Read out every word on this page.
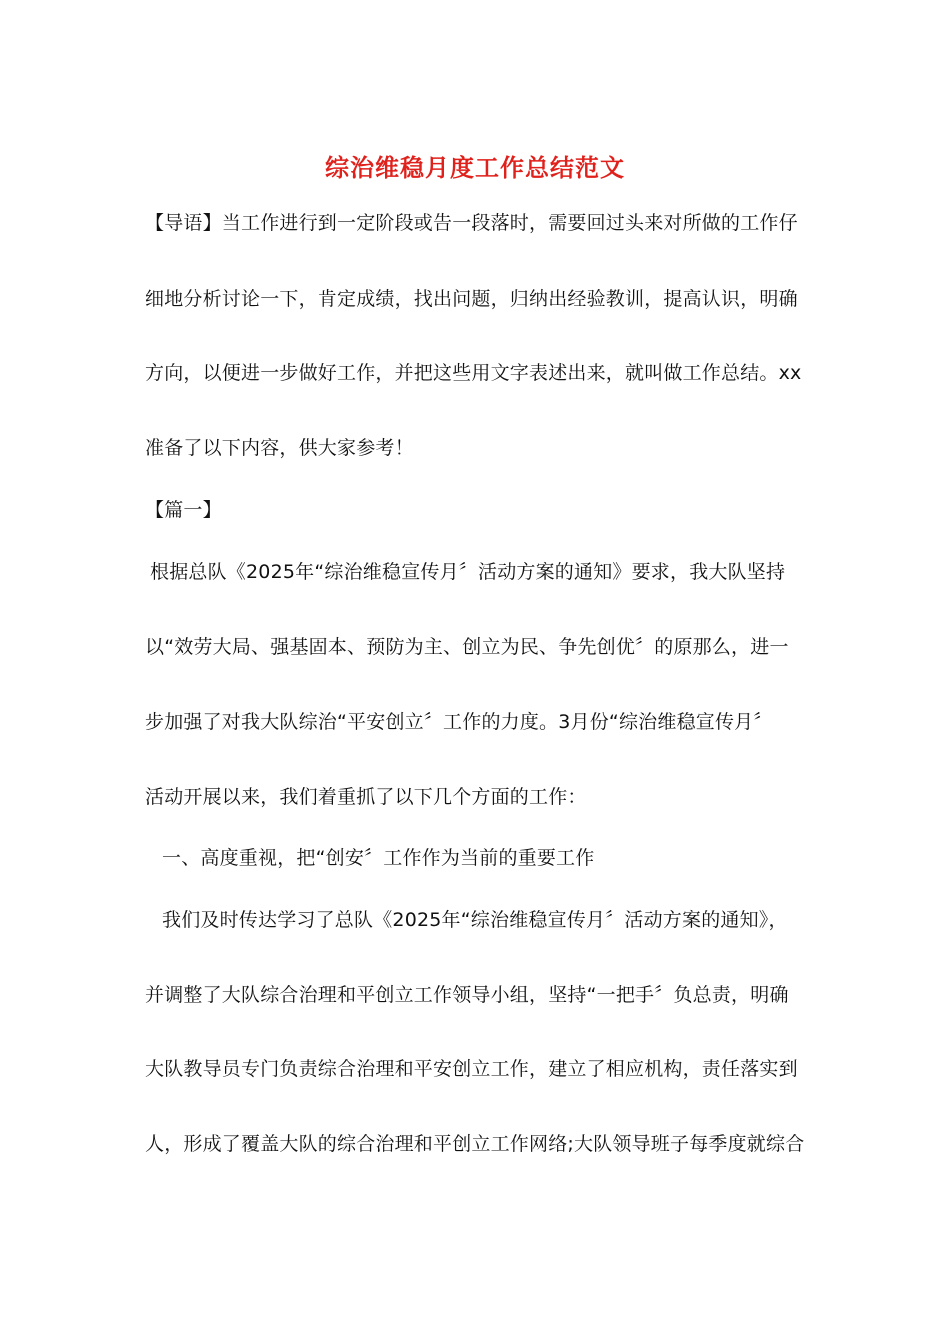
综治维稳月度工作总结范文
【导语】当工作进行到一定阶段或告一段落时，需要回过头来对所做的工作仔
细地分析讨论一下，肯定成绩，找出问题，归纳出经验教训，提高认识，明确
方向，以便进一步做好工作，并把这些用文字表述出来，就叫做工作总结。xx
准备了以下内容，供大家参考！
【篇一】
根据总队《2025年“综治维稳宣传月〞活动方案的通知》要求，我大队坚持
以“效劳大局、强基固本、预防为主、创立为民、争先创优〞的原那么，进一
步加强了对我大队综治“平安创立〞工作的力度。3月份“综治维稳宣传月〞
活动开展以来，我们着重抓了以下几个方面的工作：
一、高度重视，把“创安〞工作作为当前的重要工作
我们及时传达学习了总队《2025年“综治维稳宣传月〞活动方案的通知》，
并调整了大队综合治理和平创立工作领导小组，坚持“一把手〞负总责，明确
大队教导员专门负责综合治理和平安创立工作，建立了相应机构，责任落实到
人，形成了覆盖大队的综合治理和平创立工作网络;大队领导班子每季度就综合
